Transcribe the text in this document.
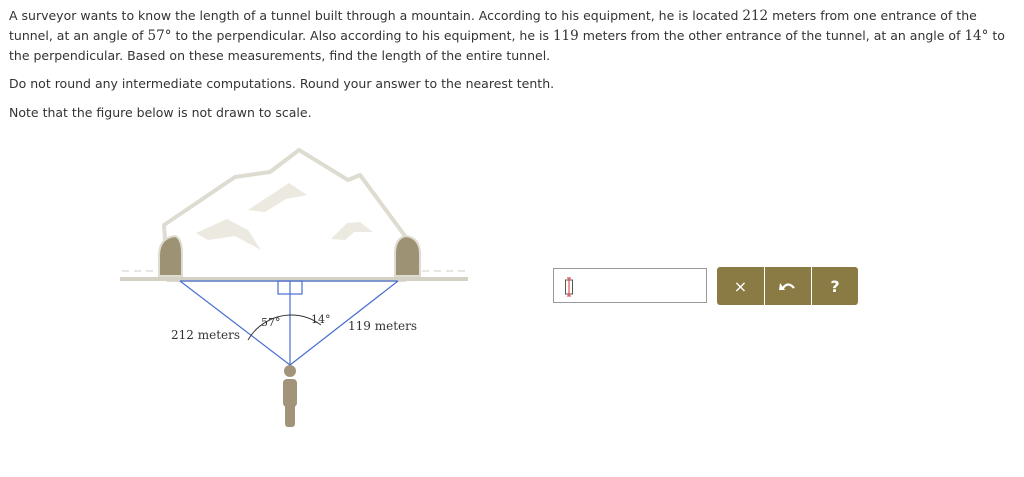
A surveyor wants to know the length of a tunnel built through a mountain. According to his equipment, he is located 212 meters from one entrance of the tunnel, at an angle of 57° to the perpendicular. Also according to his equipment, he is 119 meters from the other entrance of the tunnel, at an angle of 14° to the perpendicular. Based on these measurements, find the length of the entire tunnel.

Do not round any intermediate computations. Round your answer to the nearest tenth.

Note that the figure below is not drawn to scale.

57°	14°
212 meters
119 meters
×	?
